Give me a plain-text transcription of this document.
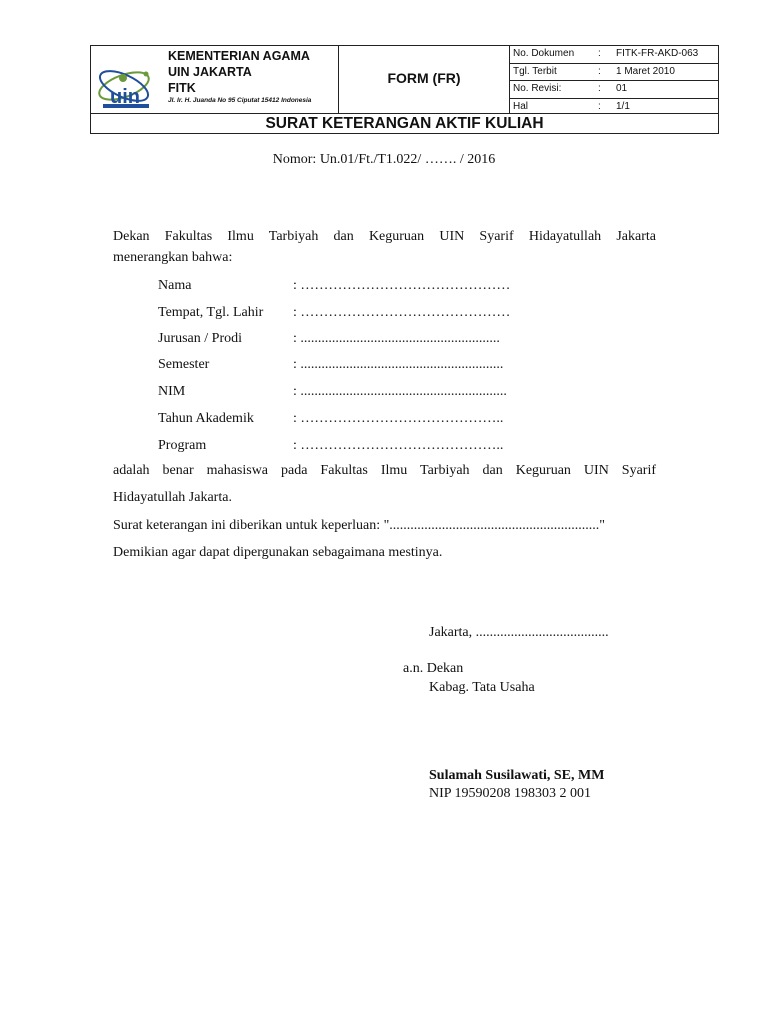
uin
KEMENTERIAN AGAMA
UIN JAKARTA
FITK
Jl. Ir. H. Juanda No 95 Ciputat 15412 Indonesia
FORM (FR)
No. Dokumen : FITK-FR-AKD-063
Tgl. Terbit	: 1 Maret 2010
No. Revisi:	: 01
Hal	: 1/1
SURAT KETERANGAN AKTIF KULIAH
Nomor: Un.01/Ft./T1.022/ ……. / 2016
Dekan Fakultas Ilmu Tarbiyah dan Keguruan UIN Syarif Hidayatullah Jakarta
menerangkan bahwa:
Nama	: ………………………………………
Tempat, Tgl. Lahir : ………………………………………
Jurusan / Prodi	: .........................................................
Semester	: ..........................................................
NIM	: ...........................................................
Tahun Akademik	: ……………………………………..
Program	: ……………………………………..
adalah benar mahasiswa pada Fakultas Ilmu Tarbiyah dan Keguruan UIN Syarif
Hidayatullah Jakarta.
Surat keterangan ini diberikan untuk keperluan: "............................................................"
Demikian agar dapat dipergunakan sebagaimana mestinya.
Jakarta, ......................................
a.n. Dekan
Kabag. Tata Usaha
Sulamah Susilawati, SE, MM
NIP 19590208 198303 2 001
